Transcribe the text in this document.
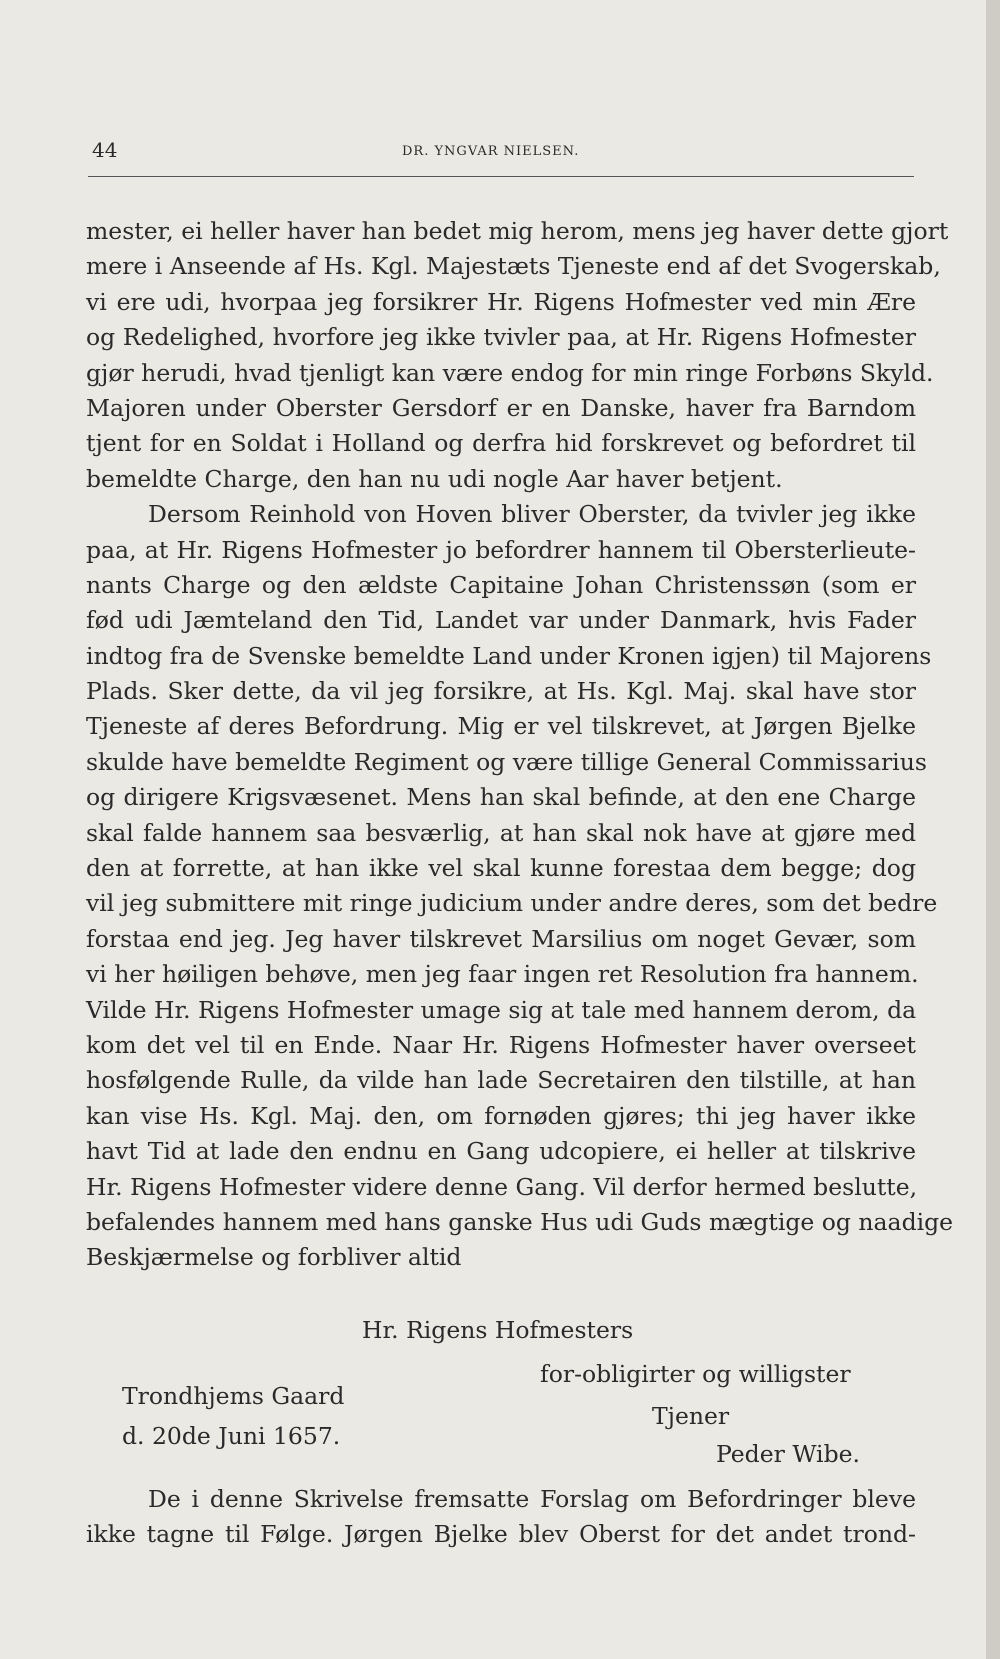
44	DR. YNGVAR NIELSEN.
mester, ei heller haver han bedet mig herom, mens jeg haver dette gjort
mere i Anseende af Hs. Kgl. Majestæts Tjeneste end af det Svogerskab,
vi ere udi, hvorpaa jeg forsikrer Hr. Rigens Hofmester ved min Ære
og Redelighed, hvorfore jeg ikke tvivler paa, at Hr. Rigens Hofmester
gjør herudi, hvad tjenligt kan være endog for min ringe Forbøns Skyld.
Majoren under Oberster Gersdorf er en Danske, haver fra Barndom
tjent for en Soldat i Holland og derfra hid forskrevet og befordret til
bemeldte Charge, den han nu udi nogle Aar haver betjent.
Dersom Reinhold von Hoven bliver Oberster, da tvivler jeg ikke
paa, at Hr. Rigens Hofmester jo befordrer hannem til Obersterlieute-
nants Charge og den ældste Capitaine Johan Christenssøn (som er
fød udi Jæmteland den Tid, Landet var under Danmark, hvis Fader
indtog fra de Svenske bemeldte Land under Kronen igjen) til Majorens
Plads. Sker dette, da vil jeg forsikre, at Hs. Kgl. Maj. skal have stor
Tjeneste af deres Befordrung. Mig er vel tilskrevet, at Jørgen Bjelke
skulde have bemeldte Regiment og være tillige General Commissarius
og dirigere Krigsvæsenet. Mens han skal befinde, at den ene Charge
skal falde hannem saa besværlig, at han skal nok have at gjøre med
den at forrette, at han ikke vel skal kunne forestaa dem begge; dog
vil jeg submittere mit ringe judicium under andre deres, som det bedre
forstaa end jeg. Jeg haver tilskrevet Marsilius om noget Gevær, som
vi her høiligen behøve, men jeg faar ingen ret Resolution fra hannem.
Vilde Hr. Rigens Hofmester umage sig at tale med hannem derom, da
kom det vel til en Ende. Naar Hr. Rigens Hofmester haver overseet
hosfølgende Rulle, da vilde han lade Secretairen den tilstille, at han
kan vise Hs. Kgl. Maj. den, om fornøden gjøres; thi jeg haver ikke
havt Tid at lade den endnu en Gang udcopiere, ei heller at tilskrive
Hr. Rigens Hofmester videre denne Gang. Vil derfor hermed beslutte,
befalendes hannem med hans ganske Hus udi Guds mægtige og naadige
Beskjærmelse og forbliver altid
Hr. Rigens Hofmesters
for-obligirter og willigster
Trondhjems Gaard
Tjener
d. 20de Juni 1657.
Peder Wibe.
De i denne Skrivelse fremsatte Forslag om Befordringer bleve
ikke tagne til Følge. Jørgen Bjelke blev Oberst for det andet trond-
